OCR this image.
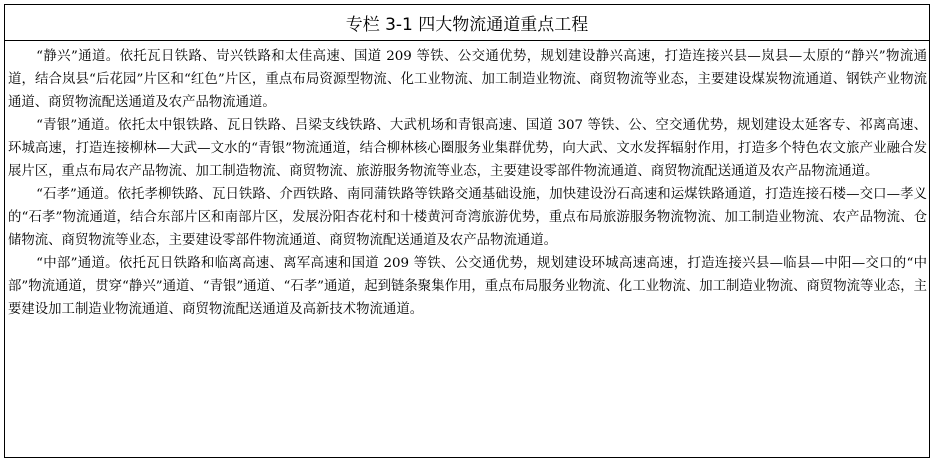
专栏 3-1 四大物流通道重点工程

“静兴”通道。依托瓦日铁路、岢兴铁路和太佳高速、国道 209 等铁、公交通优势，规划建设静兴高速，打造连接兴县—岚县—太原的“静兴”物流通道，结合岚县“后花园”片区和“红色”片区，重点布局资源型物流、化工业物流、加工制造业物流、商贸物流等业态，主要建设煤炭物流通道、钢铁产业物流通道、商贸物流配送通道及农产品物流通道。

“青银”通道。依托太中银铁路、瓦日铁路、吕梁支线铁路、大武机场和青银高速、国道 307 等铁、公、空交通优势，规划建设太延客专、祁离高速、环城高速，打造连接柳林—大武—文水的“青银”物流通道，结合柳林核心圈服务业集群优势，向大武、文水发挥辐射作用，打造多个特色农文旅产业融合发展片区，重点布局农产品物流、加工制造物流、商贸物流、旅游服务物流等业态，主要建设零部件物流通道、商贸物流配送通道及农产品物流通道。

“石孝”通道。依托孝柳铁路、瓦日铁路、介西铁路、南同蒲铁路等铁路交通基础设施，加快建设汾石高速和运煤铁路通道，打造连接石楼—交口—孝义的“石孝”物流通道，结合东部片区和南部片区，发展汾阳杏花村和十楼黄河奇湾旅游优势，重点布局旅游服务物流物流、加工制造业物流、农产品物流、仓储物流、商贸物流等业态，主要建设零部件物流通道、商贸物流配送通道及农产品物流通道。

“中部”通道。依托瓦日铁路和临离高速、离军高速和国道 209 等铁、公交通优势，规划建设环城高速高速，打造连接兴县—临县—中阳—交口的“中部”物流通道，贯穿“静兴”通道、“青银”通道、“石孝”通道，起到链条聚集作用，重点布局服务业物流、化工业物流、加工制造业物流、商贸物流等业态，主要建设加工制造业物流通道、商贸物流配送通道及高新技术物流通道。
